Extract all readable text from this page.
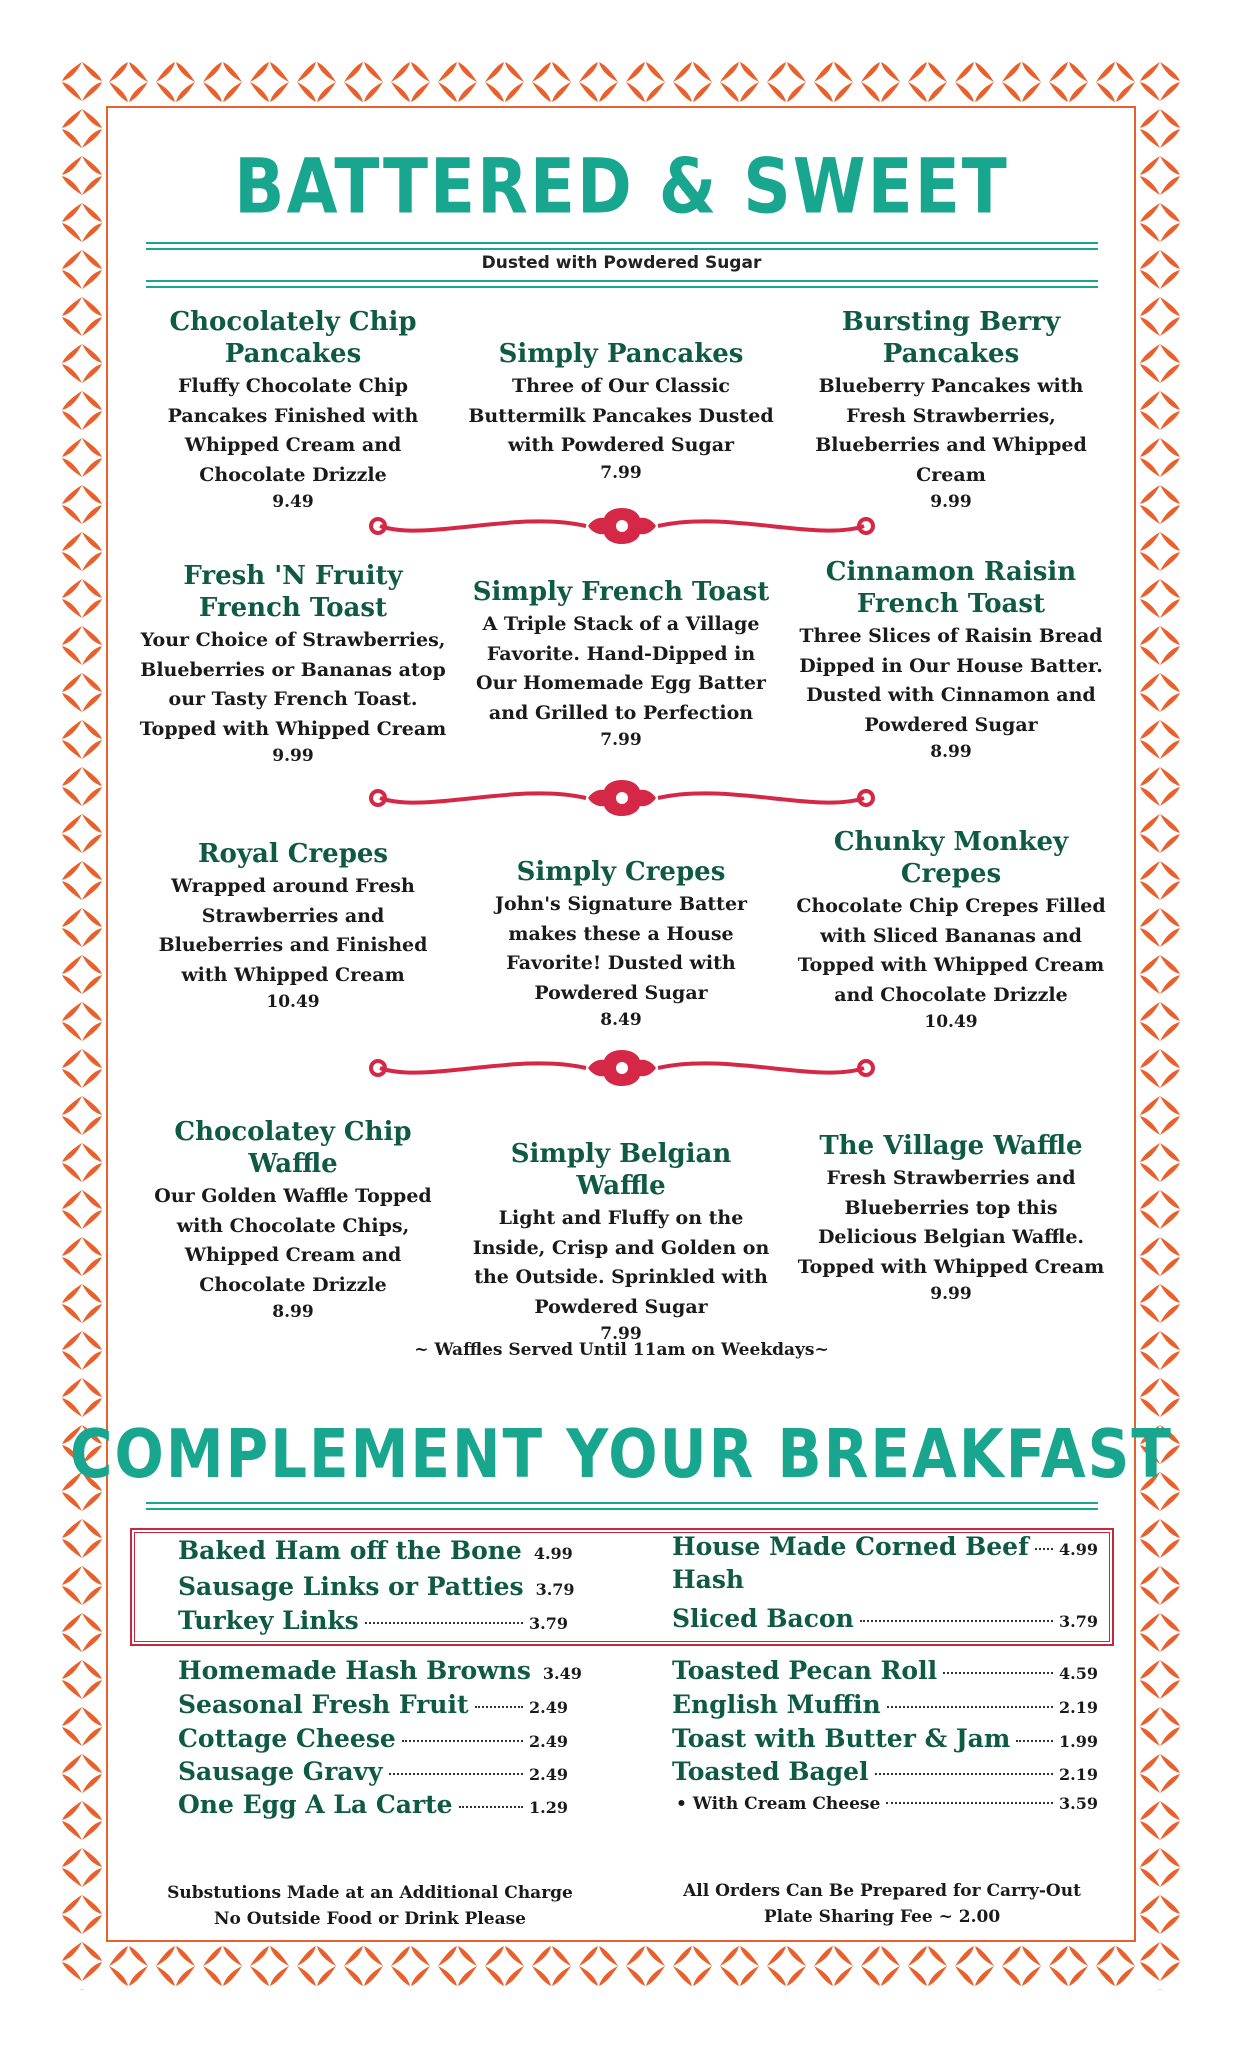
BATTERED & SWEET

Dusted with Powdered Sugar

Chocolately Chip Pancakes

Fluffy Chocolate Chip Pancakes Finished with Whipped Cream and Chocolate Drizzle

9.49

Simply Pancakes

Three of Our Classic Buttermilk Pancakes Dusted with Powdered Sugar

7.99

Bursting Berry Pancakes

Blueberry Pancakes with Fresh Strawberries, Blueberries and Whipped Cream

9.99

Fresh 'N Fruity French Toast

Your Choice of Strawberries, Blueberries or Bananas atop our Tasty French Toast. Topped with Whipped Cream

9.99

Simply French Toast

A Triple Stack of a Village Favorite. Hand-Dipped in Our Homemade Egg Batter and Grilled to Perfection

7.99

Cinnamon Raisin French Toast

Three Slices of Raisin Bread Dipped in Our House Batter. Dusted with Cinnamon and Powdered Sugar

8.99

Royal Crepes

Wrapped around Fresh Strawberries and Blueberries and Finished with Whipped Cream

10.49

Simply Crepes

John's Signature Batter makes these a House Favorite! Dusted with Powdered Sugar

8.49

Chunky Monkey Crepes

Chocolate Chip Crepes Filled with Sliced Bananas and Topped with Whipped Cream and Chocolate Drizzle

10.49

Chocolatey Chip Waffle

Our Golden Waffle Topped with Chocolate Chips, Whipped Cream and Chocolate Drizzle

8.99

Simply Belgian Waffle

Light and Fluffy on the Inside, Crisp and Golden on the Outside. Sprinkled with Powdered Sugar

7.99

The Village Waffle

Fresh Strawberries and Blueberries top this Delicious Belgian Waffle. Topped with Whipped Cream

9.99

~ Waffles Served Until 11am on Weekdays~

COMPLEMENT YOUR BREAKFAST
Baked Ham off the Bone 4.99
Sausage Links or Patties 3.79
Turkey Links	3.79
House Made Corned Beef 4.99
Hash
Sliced Bacon	3.79
Homemade Hash Browns 3.49
Seasonal Fresh Fruit	2.49
Cottage Cheese	2.49
Sausage Gravy	2.49
One Egg A La Carte	1.29
Toasted Pecan Roll	4.59
English Muffin	2.19
Toast with Butter & Jam	1.99
Toasted Bagel	2.19
• With Cream Cheese	3.59
Substutions Made at an Additional Charge
No Outside Food or Drink Please
All Orders Can Be Prepared for Carry-Out
Plate Sharing Fee ~ 2.00
